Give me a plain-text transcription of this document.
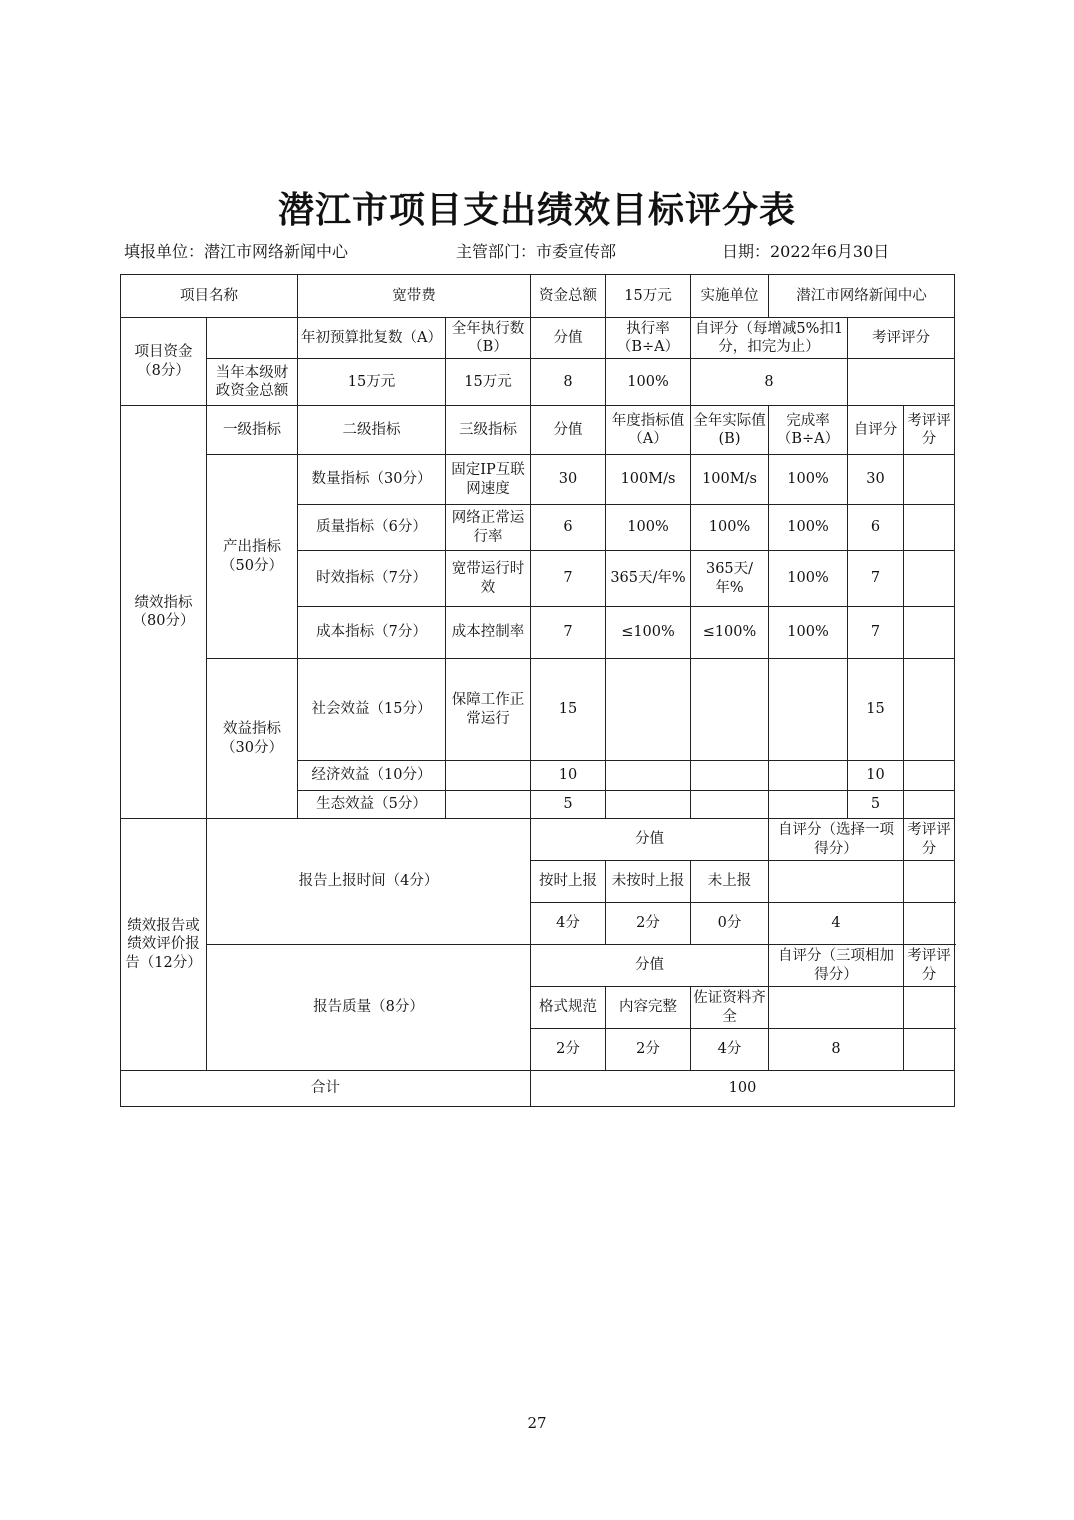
潜江市项目支出绩效目标评分表
填报单位：潜江市网络新闻中心	主管部门：市委宣传部	日期：2022年6月30日
项目名称		宽带费		资金总额	15万元	实施单位	潜江市网络新闻中心		
项目资金（8分）		年初预算批复数（A）	全年执行数（B）	分值	执行率（B÷A）	自评分（每增减5%扣1分，扣完为止）		考评评分	
	当年本级财政资金总额	15万元	15万元	8	100%	8			
绩效指标（80分）	一级指标	二级指标	三级指标	分值	年度指标值（A）	全年实际值(B)	完成率（B÷A）	自评分	考评评分
	产出指标（50分）	数量指标（30分）	固定IP互联网速度	30	100M/s	100M/s	100%	30	
		质量指标（6分）	网络正常运行率	6	100%	100%	100%	6	
		时效指标（7分）	宽带运行时效	7	365天/年%	365天/年%	100%	7	
		成本指标（7分）	成本控制率	7	≤100%	≤100%	100%	7	
	效益指标（30分）	社会效益（15分）	保障工作正常运行	15				15	
		经济效益（10分）		10				10	
		生态效益（5分）		5				5	
绩效报告或绩效评价报告（12分）	报告上报时间（4分）			分值			自评分（选择一项得分）		考评评分
				按时上报	未按时上报	未上报			
				4分	2分	0分	4		
	报告质量（8分）			分值			自评分（三项相加得分）		考评评分
				格式规范	内容完整	佐证资料齐全			
				2分	2分	4分	8		
合计				100					
27
